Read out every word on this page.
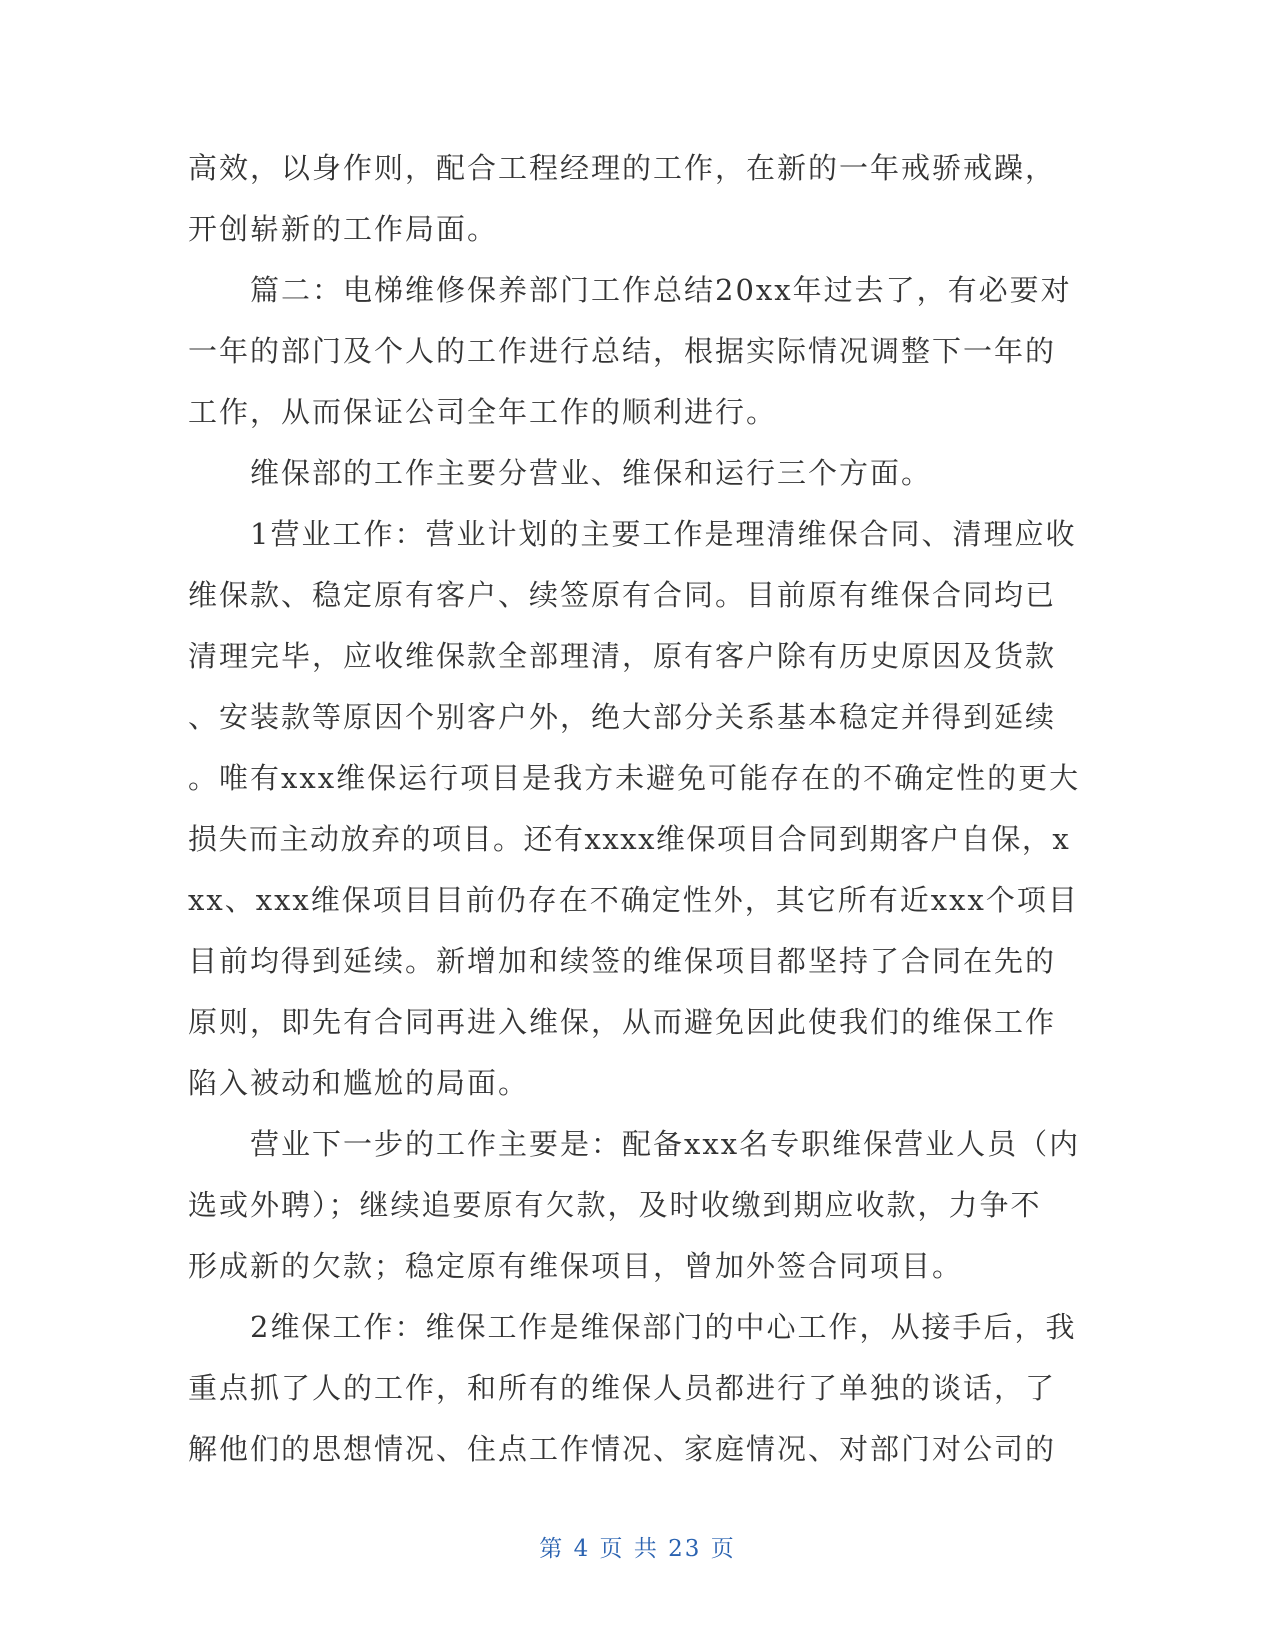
高效，以身作则，配合工程经理的工作，在新的一年戒骄戒躁，
开创崭新的工作局面。
篇二：电梯维修保养部门工作总结20xx年过去了，有必要对
一年的部门及个人的工作进行总结，根据实际情况调整下一年的
工作，从而保证公司全年工作的顺利进行。
维保部的工作主要分营业、维保和运行三个方面。
1营业工作：营业计划的主要工作是理清维保合同、清理应收
维保款、稳定原有客户、续签原有合同。目前原有维保合同均已
清理完毕，应收维保款全部理清，原有客户除有历史原因及货款
、安装款等原因个别客户外，绝大部分关系基本稳定并得到延续
。唯有xxx维保运行项目是我方未避免可能存在的不确定性的更大
损失而主动放弃的项目。还有xxxx维保项目合同到期客户自保，x
xx、xxx维保项目目前仍存在不确定性外，其它所有近xxx个项目
目前均得到延续。新增加和续签的维保项目都坚持了合同在先的
原则，即先有合同再进入维保，从而避免因此使我们的维保工作
陷入被动和尴尬的局面。
营业下一步的工作主要是：配备xxx名专职维保营业人员（内
选或外聘）；继续追要原有欠款，及时收缴到期应收款，力争不
形成新的欠款；稳定原有维保项目，曾加外签合同项目。
2维保工作：维保工作是维保部门的中心工作，从接手后，我
重点抓了人的工作，和所有的维保人员都进行了单独的谈话，了
解他们的思想情况、住点工作情况、家庭情况、对部门对公司的
第 4 页 共 23 页
